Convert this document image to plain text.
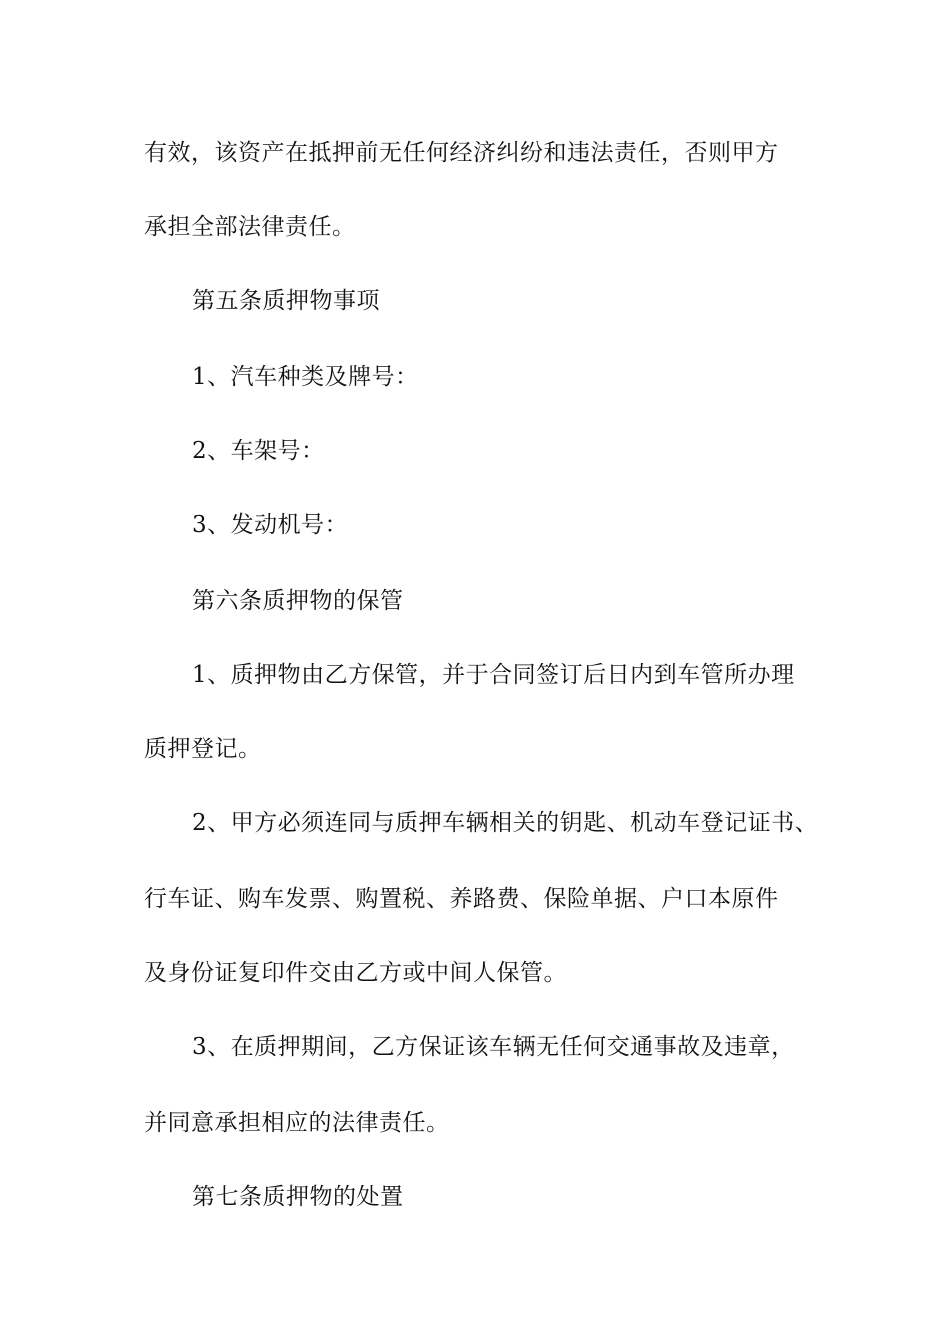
有效，该资产在抵押前无任何经济纠纷和违法责任，否则甲方
承担全部法律责任。
第五条质押物事项
1、汽车种类及牌号：
2、车架号：
3、发动机号：
第六条质押物的保管
1、质押物由乙方保管，并于合同签订后日内到车管所办理
质押登记。
2、甲方必须连同与质押车辆相关的钥匙、机动车登记证书、
行车证、购车发票、购置税、养路费、保险单据、户口本原件
及身份证复印件交由乙方或中间人保管。
3、在质押期间，乙方保证该车辆无任何交通事故及违章，
并同意承担相应的法律责任。
第七条质押物的处置
